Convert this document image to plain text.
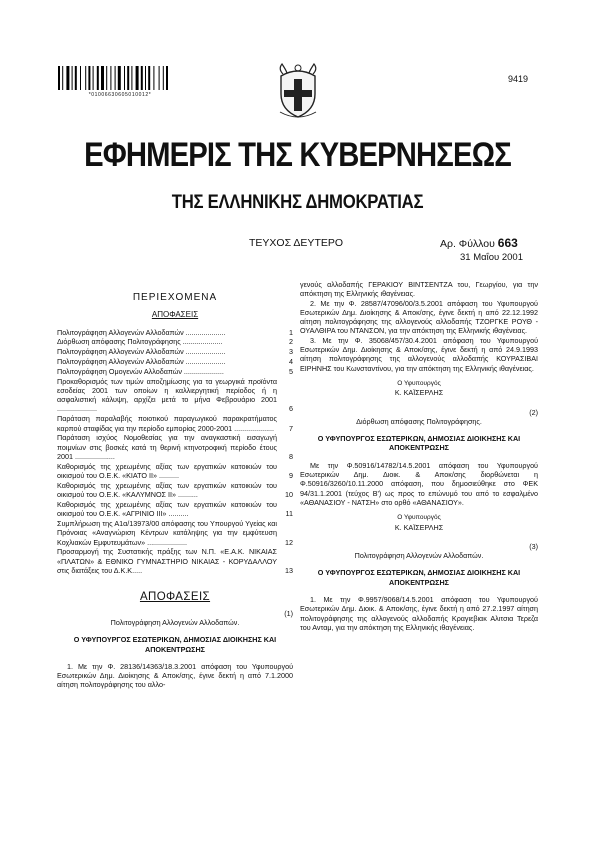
*01006630605010012*
9419
ΕΦΗΜΕΡΙΣ ΤΗΣ ΚΥΒΕΡΝΗΣΕΩΣ
ΤΗΣ ΕΛΛΗΝΙΚΗΣ ΔΗΜΟΚΡΑΤΙΑΣ
ΤΕΥΧΟΣ ΔΕΥΤΕΡΟ	Αρ. Φύλλου 663
31 Μαΐου 2001
ΠΕΡΙΕΧΟΜΕΝΑ
ΑΠΟΦΑΣΕΙΣ
Πολιτογράφηση Αλλογενών Αλλοδαπών ....................	1
Διόρθωση απόφασης Πολιτογράφησης ....................	2
Πολιτογράφηση Αλλογενών Αλλοδαπών ....................	3
Πολιτογράφηση Αλλογενών Αλλοδαπών ....................	4
Πολιτογράφηση Ομογενών Αλλοδαπών ....................	5
Προκαθορισμός των τιμών αποζημίωσης για τα γεωργικά προϊόντα εσοδείας 2001 των οποίων η καλλιεργητική περίοδος ή η ασφαλιστική κάλυψη, αρχίζει μετά το μήνα Φεβρουάριο 2001 ....................	6
Παράταση παραλαβής ποιοτικού παραγωγικού παρακρατήματος καρπού σταφίδας για την περίοδο εμπορίας 2000-2001 ....................	7
Παράταση ισχύος Νομοθεσίας για την αναγκαστική εισαγωγή ποιμνίων στις βοσκές κατά τη θερινή κτηνοτροφική περίοδο έτους 2001 ....................	8
Καθορισμός της χρεωμένης αξίας των εργατικών κατοικιών του οικισμού του Ο.Ε.Κ. «ΚΙΑΤΟ ΙΙ» ..........	9
Καθορισμός της χρεωμένης αξίας των εργατικών κατοικιών του οικισμού του Ο.Ε.Κ. «ΚΑΛΥΜΝΟΣ ΙΙ» ..........	10
Καθορισμός της χρεωμένης αξίας των εργατικών κατοικιών του οικισμού του Ο.Ε.Κ. «ΑΓΡΙΝΙΟ ΙΙΙ» ..........	11
Συμπλήρωση της Α1α/13973/00 απόφασης του Υπουργού Υγείας και Πρόνοιας «Αναγνώριση Κέντρων κατάληψης για την εμφύτευση Κοχλιακών Εμφυτευμάτων» ....................	12
Προσαρμογή της Συστατικής πράξης των Ν.Π. «Ε.Α.Κ. ΝΙΚΑΙΑΣ «ΠΛΑΤΩΝ» & ΕΘΝΙΚΟ ΓΥΜΝΑΣΤΗΡΙΟ ΝΙΚΑΙΑΣ - ΚΟΡΥΔΑΛΛΟΥ στις διατάξεις του Δ.Κ.Κ.....	13
ΑΠΟΦΑΣΕΙΣ
(1)
Πολιτογράφηση Αλλογενών Αλλοδαπών.
Ο ΥΦΥΠΟΥΡΓΟΣ ΕΣΩΤΕΡΙΚΩΝ, ΔΗΜΟΣΙΑΣ ΔΙΟΙΚΗΣΗΣ ΚΑΙ ΑΠΟΚΕΝΤΡΩΣΗΣ

1. Με την Φ. 28136/14363/18.3.2001 απόφαση του Υφυπουργού Εσωτερικών Δημ. Διοίκησης & Αποκ/σης, έγινε δεκτή η από 7.1.2000 αίτηση πολιτογράφησης του αλλο-

γενούς αλλοδαπής ΓΕΡΑΚΙΟΥ ΒΙΝΤΣΕΝΤΖΑ του, Γεωργίου, για την απόκτηση της Ελληνικής ιθαγένειας.

2. Με την Φ. 28587/47096/00/3.5.2001 απόφαση του Υφυπουργού Εσωτερικών Δημ. Διοίκησης & Αποκ/σης, έγινε δεκτή η από 22.12.1992 αίτηση πολιτογράφησης της αλλογενούς αλλοδαπής ΤΖΟΡΓΚΕ ΡΟΥΘ - ΟΥΑΛΘΙΡΑ του ΝΤΑΝΣΟΝ, για την απόκτηση της Ελληνικής ιθαγένειας.

3. Με την Φ. 35068/457/30.4.2001 απόφαση του Υφυπουργού Εσωτερικών Δημ. Διοίκησης & Αποκ/σης, έγινε δεκτή η από 24.9.1993 αίτηση πολιτογράφησης της αλλογενούς αλλοδαπής ΚΟΥΡΑΣΙΒΑΙ ΕΙΡΗΝΗΣ του Κωνσταντίνου, για την απόκτηση της Ελληνικής ιθαγένειας.

Ο Υφυπουργός
Κ. ΚΑΪΣΕΡΛΗΣ
(2)
Διόρθωση απόφασης Πολιτογράφησης.
Ο ΥΦΥΠΟΥΡΓΟΣ ΕΣΩΤΕΡΙΚΩΝ, ΔΗΜΟΣΙΑΣ ΔΙΟΙΚΗΣΗΣ ΚΑΙ ΑΠΟΚΕΝΤΡΩΣΗΣ

Με την Φ.50916/14782/14.5.2001 απόφαση του Υφυπουργού Εσωτερικών Δημ. Διοικ. & Αποκ/σης διορθώνεται η Φ.50916/3260/10.11.2000 απόφαση, που δημοσιεύθηκε στο ΦΕΚ 94/31.1.2001 (τεύχος Β') ως προς το επώνυμό του από το εσφαλμένο «ΑΘΑΝΑΣΙΟΥ - ΝΑΤΣΗ» στο ορθό «ΑΘΑΝΑΣΙΟΥ».

Ο Υφυπουργός
Κ. ΚΑΪΣΕΡΛΗΣ
(3)
Πολιτογράφηση Αλλογενών Αλλοδαπών.
Ο ΥΦΥΠΟΥΡΓΟΣ ΕΣΩΤΕΡΙΚΩΝ, ΔΗΜΟΣΙΑΣ ΔΙΟΙΚΗΣΗΣ ΚΑΙ ΑΠΟΚΕΝΤΡΩΣΗΣ

1. Με την Φ.9957/9068/14.5.2001 απόφαση του Υφυπουργού Εσωτερικών Δημ. Διοικ. & Αποκ/σης, έγινε δεκτή η από 27.2.1997 αίτηση πολιτογράφησης της αλλογενούς αλλοδαπής Κραγιεβιακ Αλιτσια Τερεζα του Ανταμ, για την απόκτηση της Ελληνικής ιθαγένειας.
